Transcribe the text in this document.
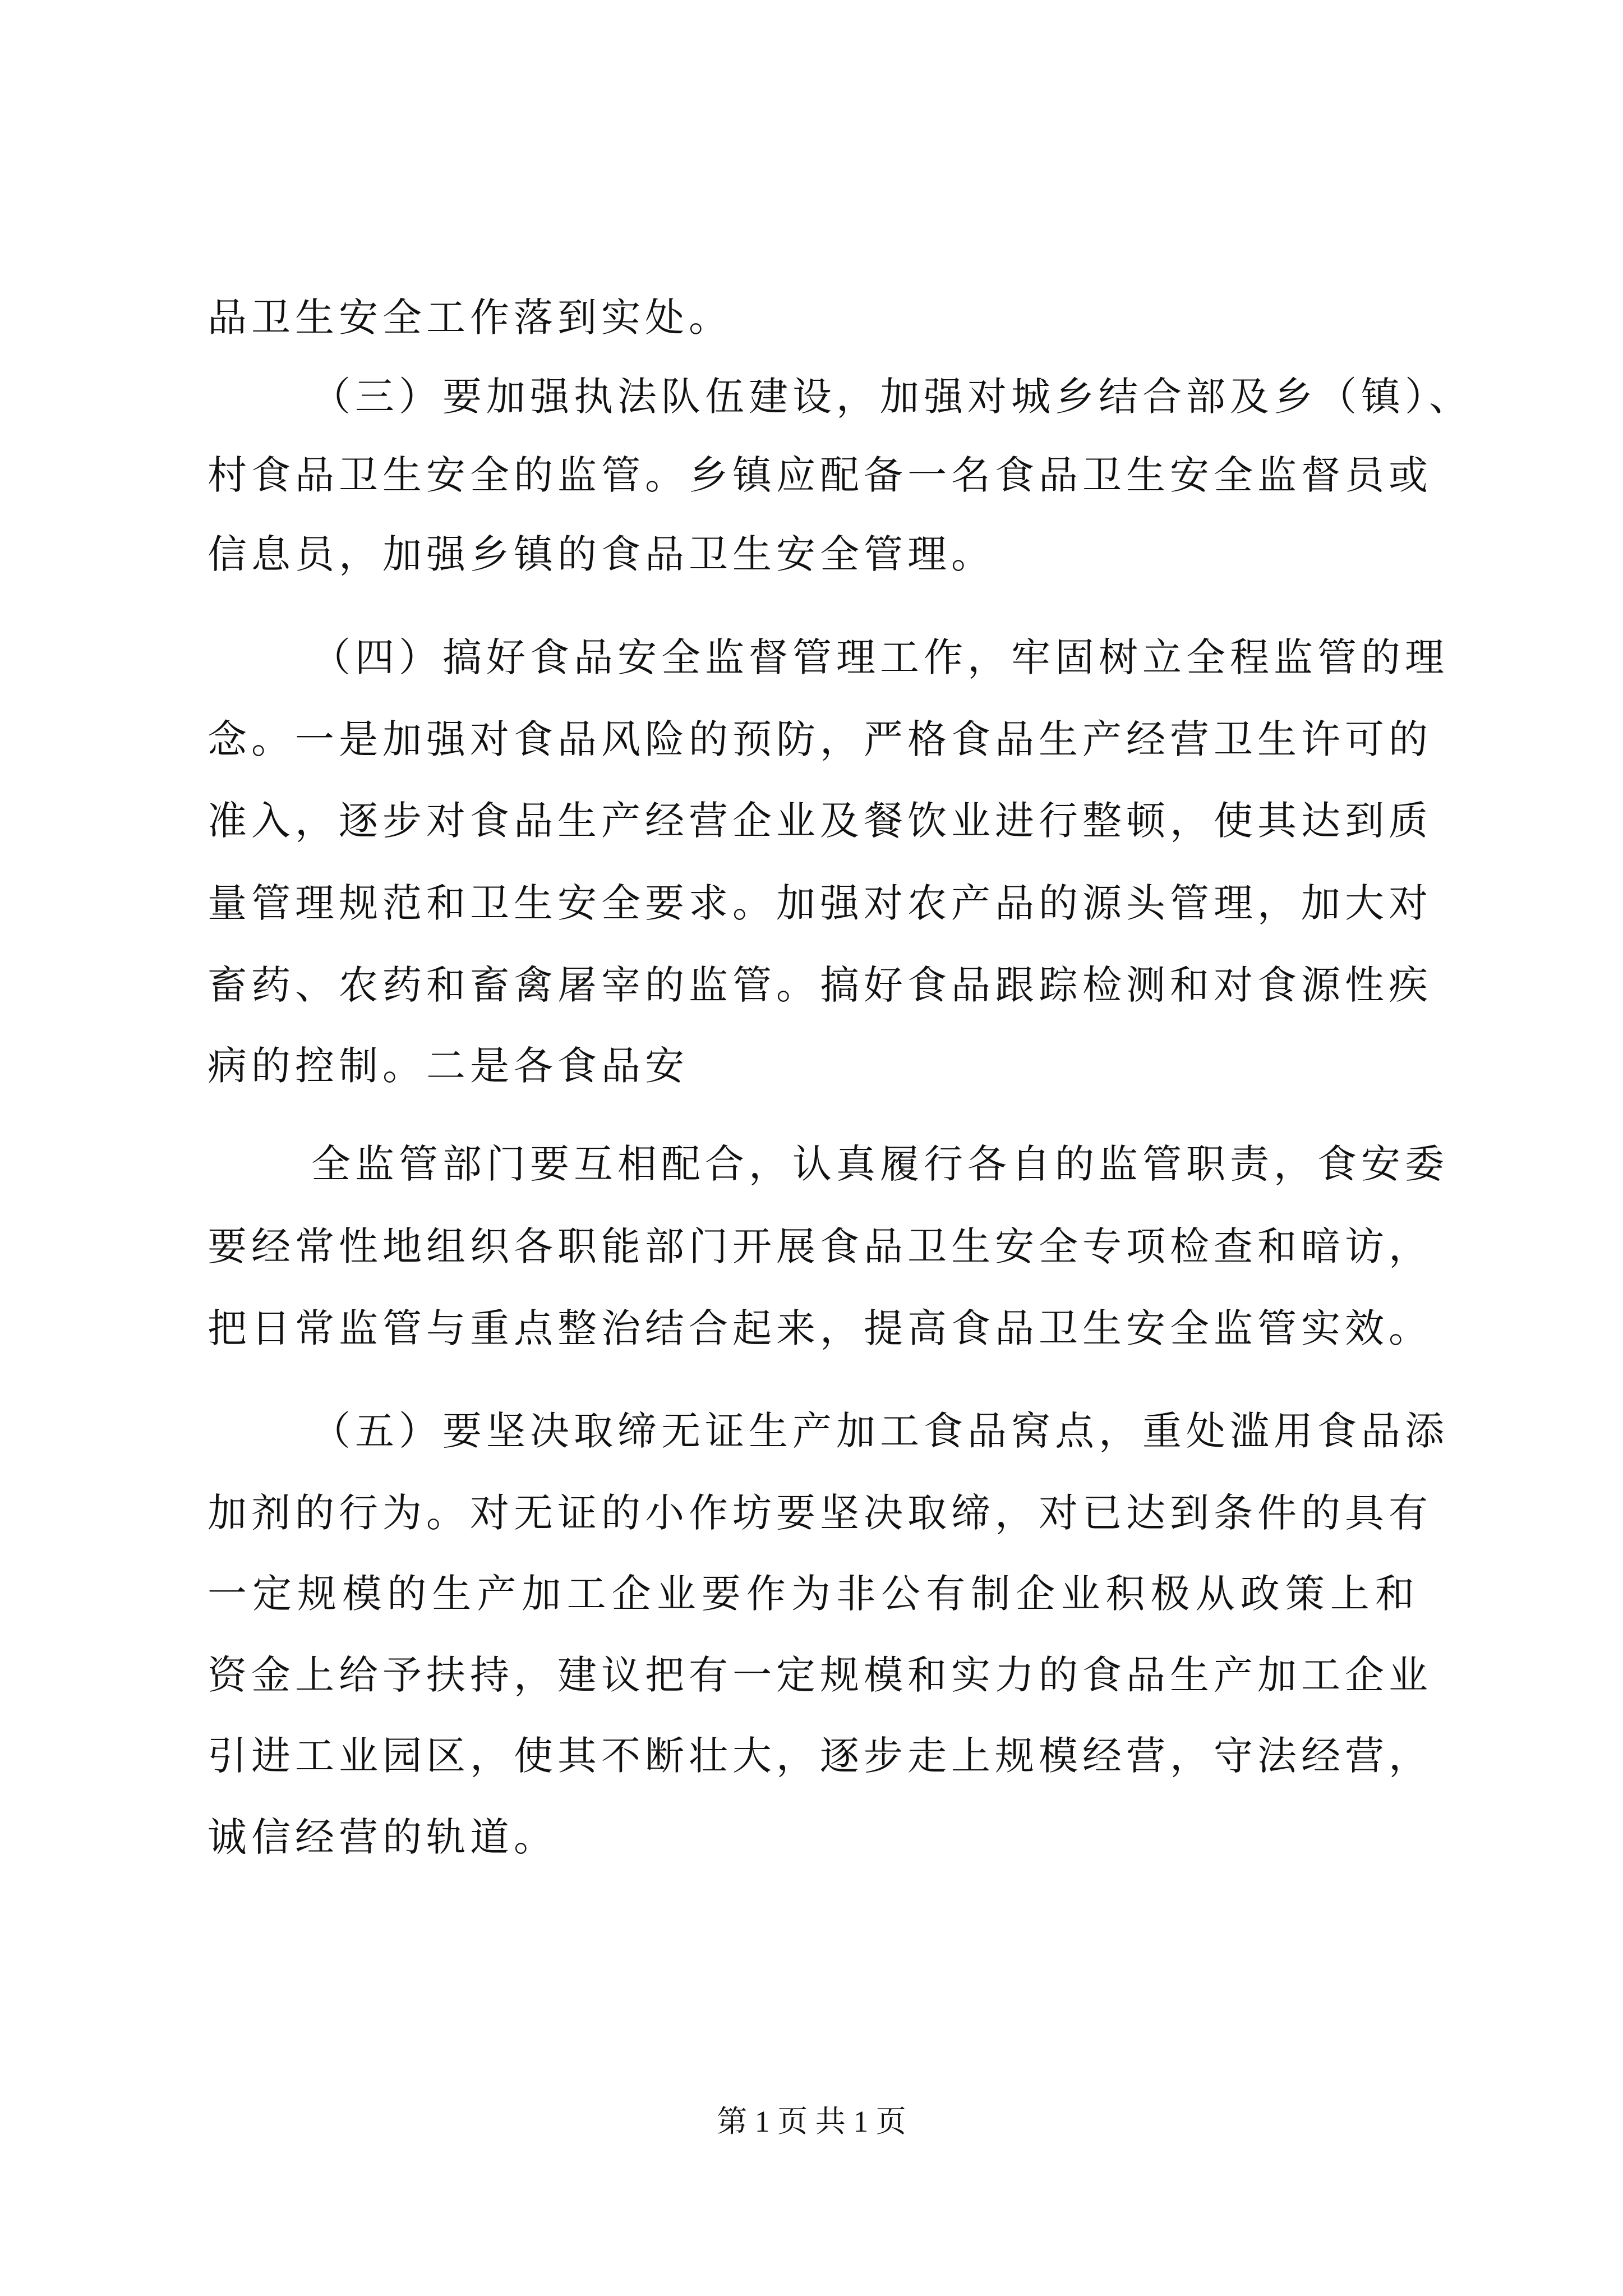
品卫生安全工作落到实处。
（三）要加强执法队伍建设，加强对城乡结合部及乡（镇）、
村食品卫生安全的监管。乡镇应配备一名食品卫生安全监督员或
信息员，加强乡镇的食品卫生安全管理。
（四）搞好食品安全监督管理工作，牢固树立全程监管的理
念。一是加强对食品风险的预防，严格食品生产经营卫生许可的
准入，逐步对食品生产经营企业及餐饮业进行整顿，使其达到质
量管理规范和卫生安全要求。加强对农产品的源头管理，加大对
畜药、农药和畜禽屠宰的监管。搞好食品跟踪检测和对食源性疾
病的控制。二是各食品安
全监管部门要互相配合，认真履行各自的监管职责，食安委
要经常性地组织各职能部门开展食品卫生安全专项检查和暗访，
把日常监管与重点整治结合起来，提高食品卫生安全监管实效。
（五）要坚决取缔无证生产加工食品窝点，重处滥用食品添
加剂的行为。对无证的小作坊要坚决取缔，对已达到条件的具有
一定规模的生产加工企业要作为非公有制企业积极从政策上和
资金上给予扶持，建议把有一定规模和实力的食品生产加工企业
引进工业园区，使其不断壮大，逐步走上规模经营，守法经营，
诚信经营的轨道。
第 1 页 共 1 页
